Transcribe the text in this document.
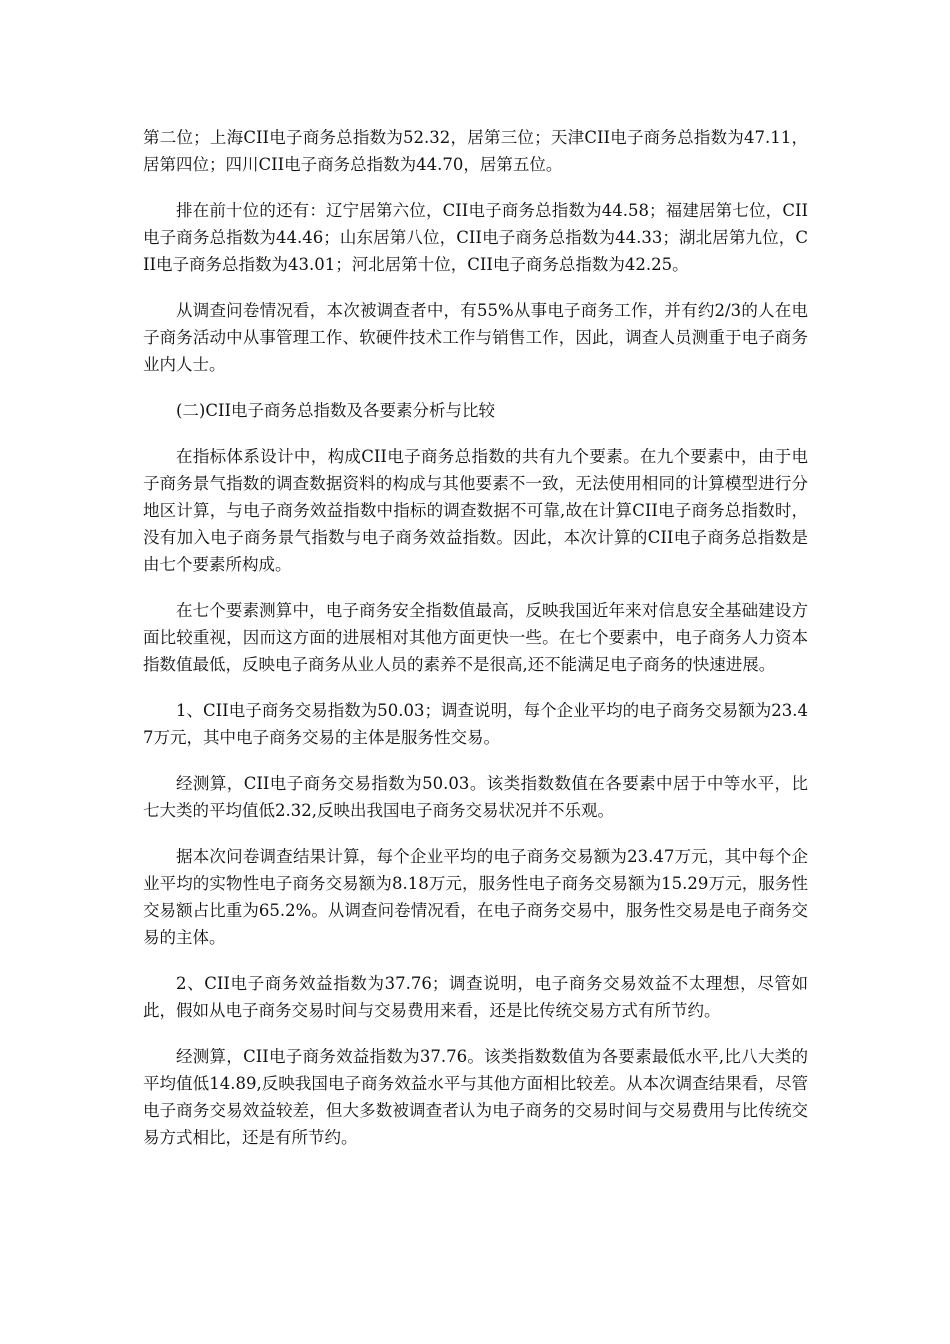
第二位；上海CII电子商务总指数为52.32，居第三位；天津CII电子商务总指数为47.11，居第四位；四川CII电子商务总指数为44.70，居第五位。

排在前十位的还有：辽宁居第六位，CII电子商务总指数为44.58；福建居第七位，CII电子商务总指数为44.46；山东居第八位，CII电子商务总指数为44.33；湖北居第九位，CII电子商务总指数为43.01；河北居第十位，CII电子商务总指数为42.25。

从调查问卷情况看，本次被调查者中，有55%从事电子商务工作，并有约2/3的人在电子商务活动中从事管理工作、软硬件技术工作与销售工作，因此，调查人员测重于电子商务业内人士。

(二)CII电子商务总指数及各要素分析与比较

在指标体系设计中，构成CII电子商务总指数的共有九个要素。在九个要素中，由于电子商务景气指数的调查数据资料的构成与其他要素不一致，无法使用相同的计算模型进行分地区计算，与电子商务效益指数中指标的调查数据不可靠,故在计算CII电子商务总指数时，没有加入电子商务景气指数与电子商务效益指数。因此，本次计算的CII电子商务总指数是由七个要素所构成。

在七个要素测算中，电子商务安全指数值最高，反映我国近年来对信息安全基础建设方面比较重视，因而这方面的进展相对其他方面更快一些。在七个要素中，电子商务人力资本指数值最低，反映电子商务从业人员的素养不是很高,还不能满足电子商务的快速进展。

1、CII电子商务交易指数为50.03；调查说明，每个企业平均的电子商务交易额为23.47万元，其中电子商务交易的主体是服务性交易。

经测算，CII电子商务交易指数为50.03。该类指数数值在各要素中居于中等水平，比七大类的平均值低2.32,反映出我国电子商务交易状况并不乐观。

据本次问卷调查结果计算，每个企业平均的电子商务交易额为23.47万元，其中每个企业平均的实物性电子商务交易额为8.18万元，服务性电子商务交易额为15.29万元，服务性交易额占比重为65.2%。从调查问卷情况看，在电子商务交易中，服务性交易是电子商务交易的主体。

2、CII电子商务效益指数为37.76；调查说明，电子商务交易效益不太理想，尽管如此，假如从电子商务交易时间与交易费用来看，还是比传统交易方式有所节约。

经测算，CII电子商务效益指数为37.76。该类指数数值为各要素最低水平,比八大类的平均值低14.89,反映我国电子商务效益水平与其他方面相比较差。从本次调查结果看，尽管电子商务交易效益较差，但大多数被调查者认为电子商务的交易时间与交易费用与比传统交易方式相比，还是有所节约。
